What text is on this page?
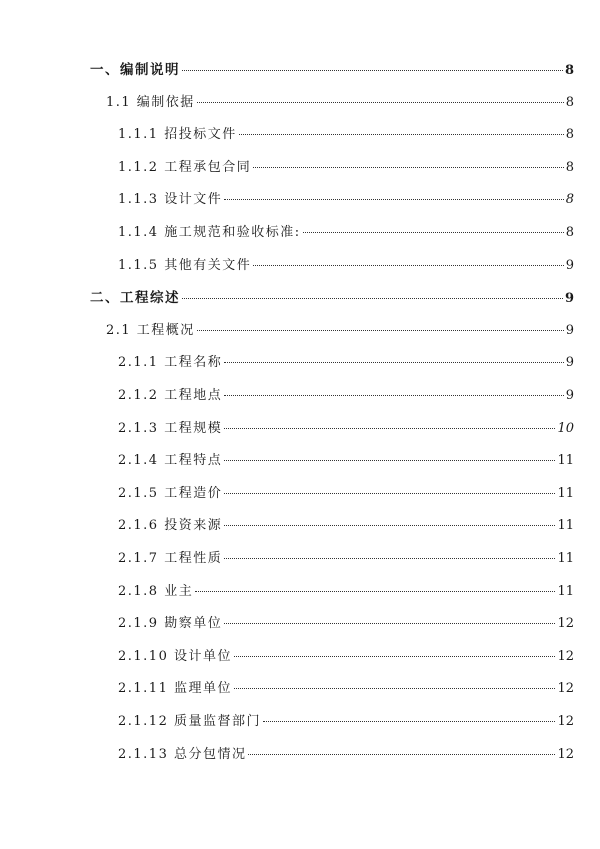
一、编制说明	8
1.1 编制依据	8
1.1.1 招投标文件	8
1.1.2 工程承包合同	8
1.1.3 设计文件	8
1.1.4 施工规范和验收标准:	8
1.1.5 其他有关文件	9
二、工程综述	9
2.1 工程概况	9
2.1.1 工程名称	9
2.1.2 工程地点	9
2.1.3 工程规模	10
2.1.4 工程特点	11
2.1.5 工程造价	11
2.1.6 投资来源	11
2.1.7 工程性质	11
2.1.8 业主	11
2.1.9 勘察单位	12
2.1.10 设计单位	12
2.1.11 监理单位	12
2.1.12 质量监督部门	12
2.1.13 总分包情况	12
